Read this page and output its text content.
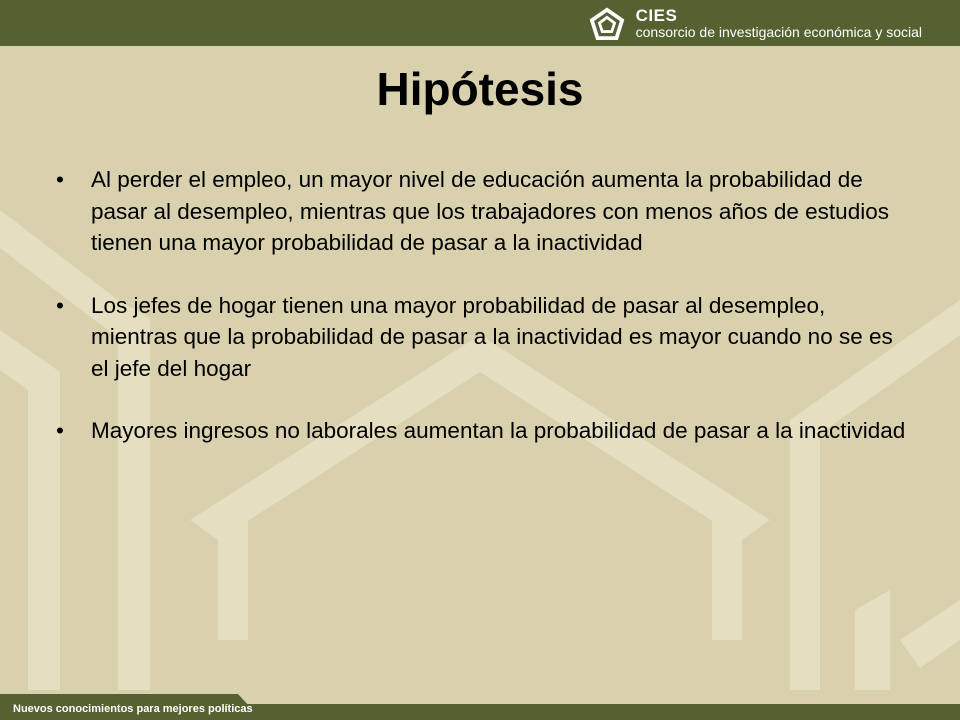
CIES
consorcio de investigación económica y social
Hipótesis
• Al perder el empleo, un mayor nivel de educación aumenta la probabilidad de pasar al desempleo, mientras que los trabajadores con menos años de estudios tienen una mayor probabilidad de pasar a la inactividad
• Los jefes de hogar tienen una mayor probabilidad de pasar al desempleo, mientras que la probabilidad de pasar a la inactividad es mayor cuando no se es el jefe del hogar
• Mayores ingresos no laborales aumentan la probabilidad de pasar a la inactividad
Nuevos conocimientos para mejores políticas
